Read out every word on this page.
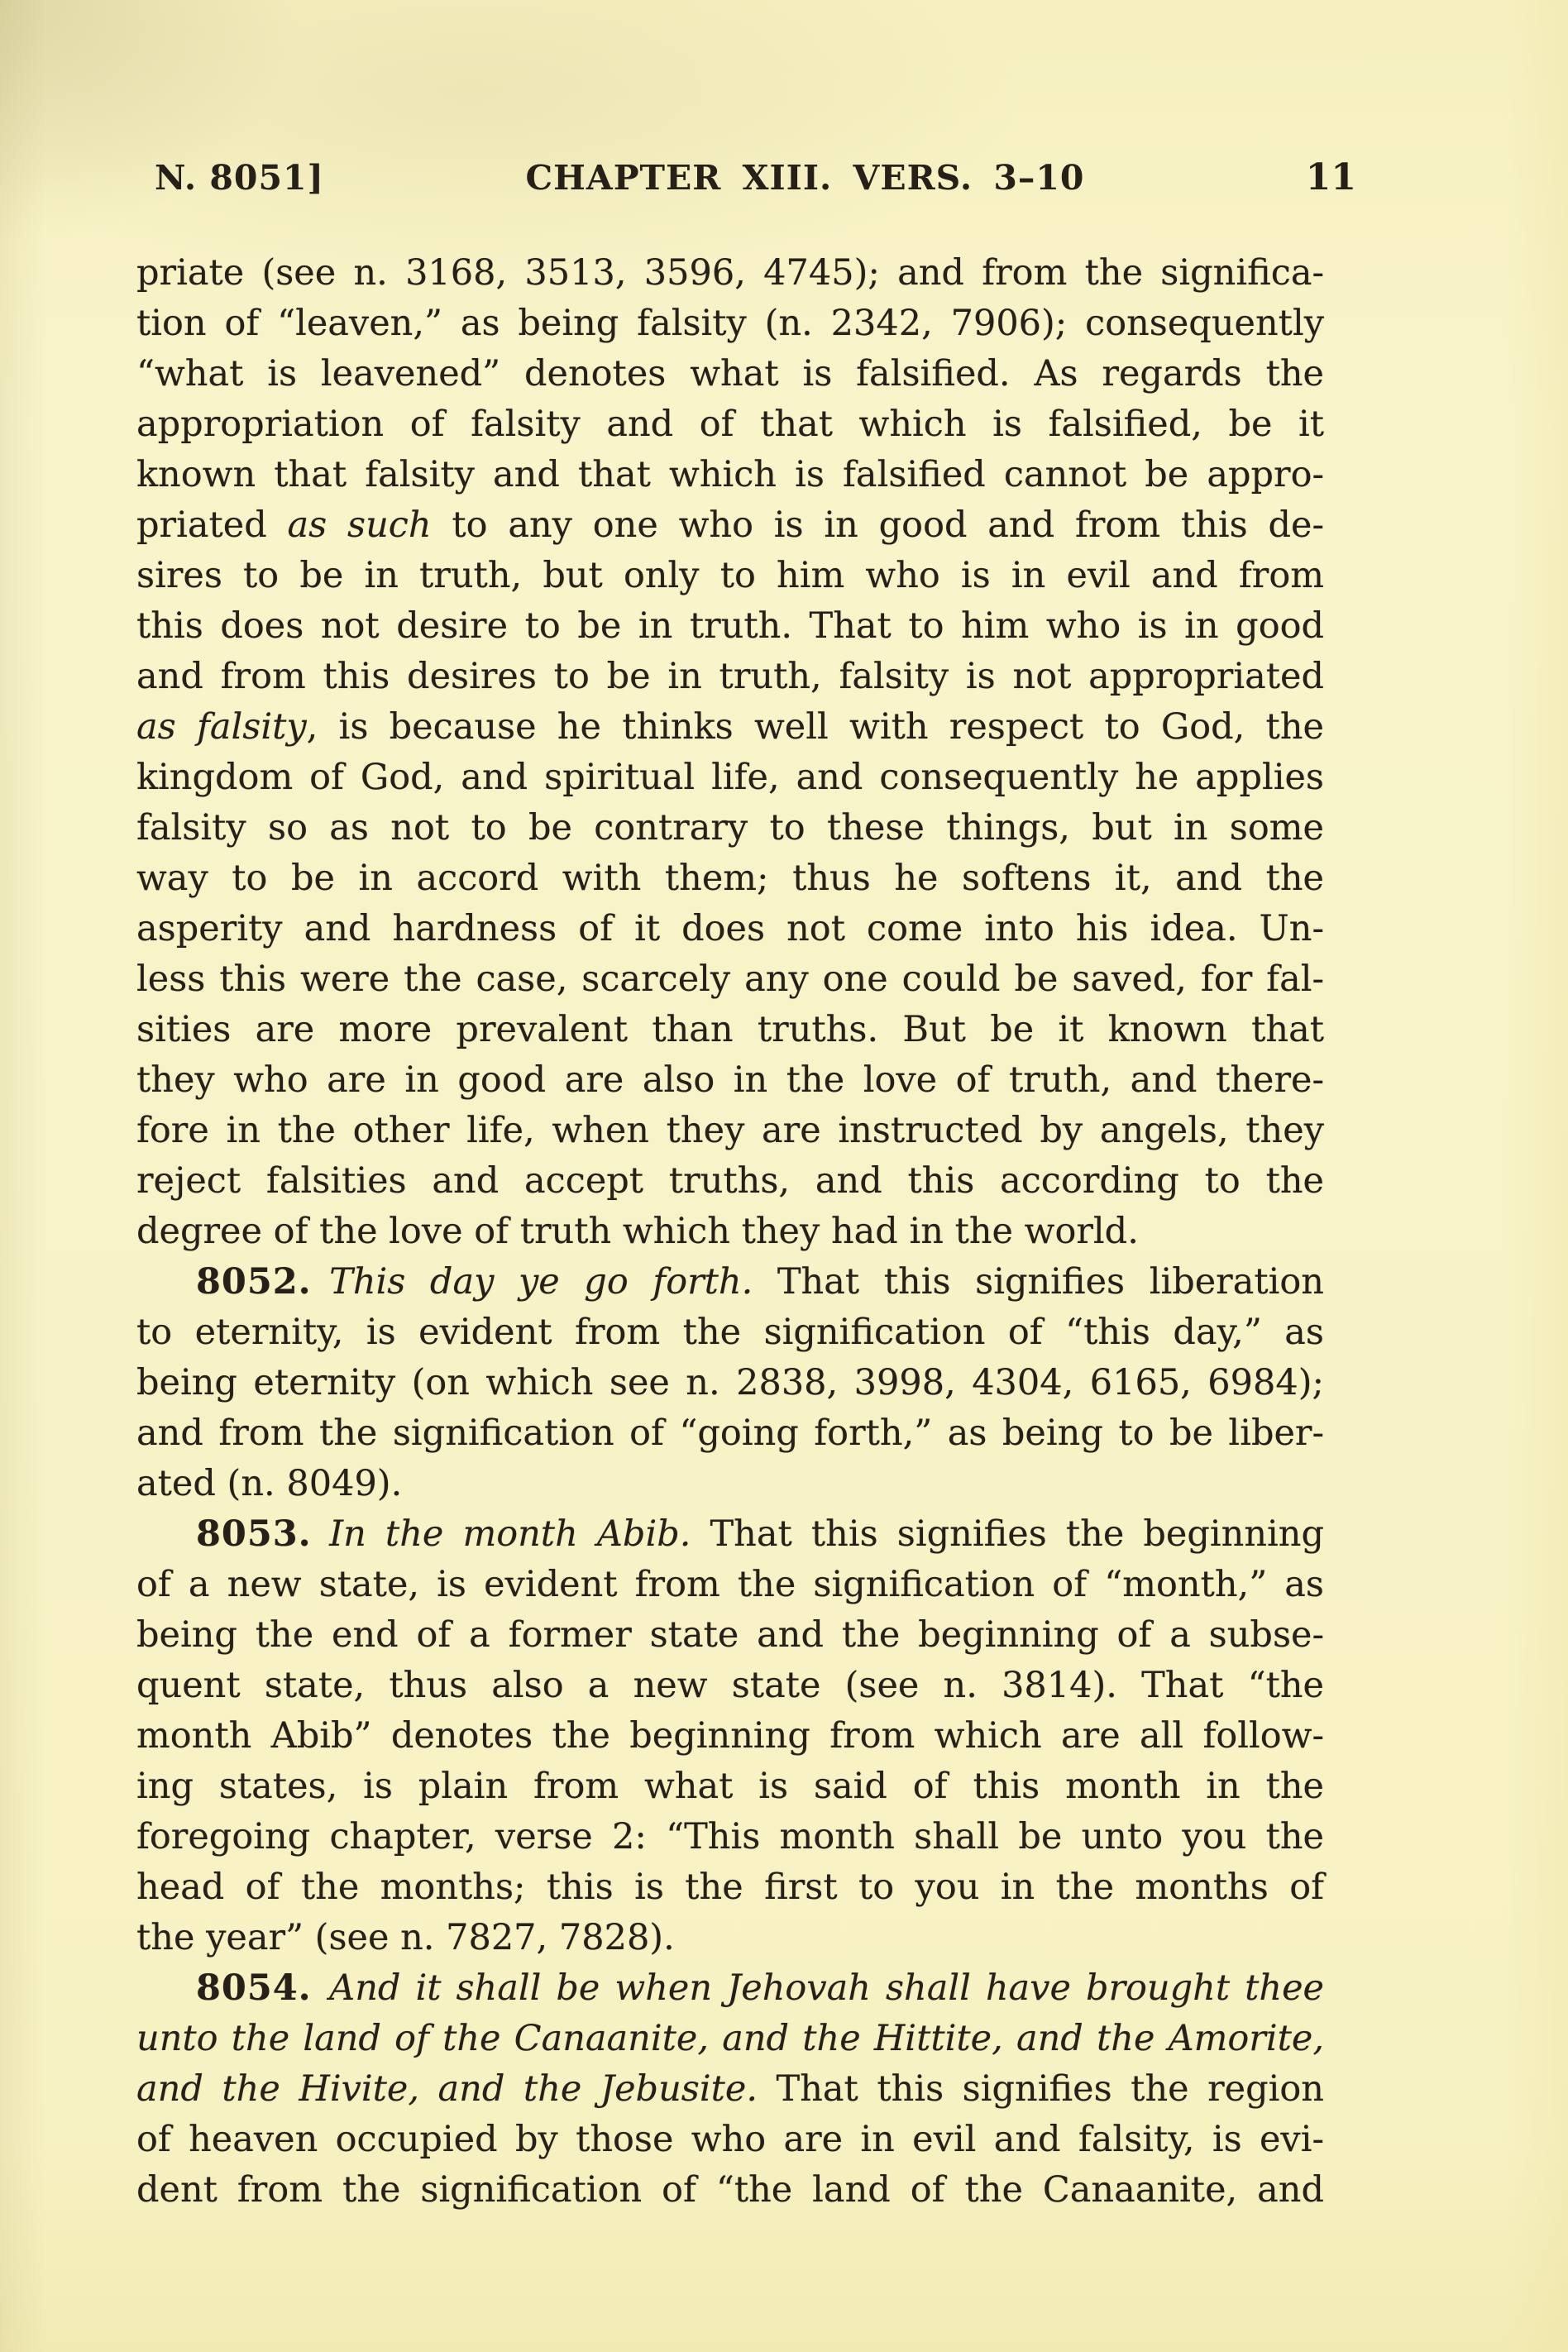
N. 8051]	CHAPTER XIII. VERS. 3–10	11
priate (see n. 3168, 3513, 3596, 4745); and from the significa-
tion of “leaven,” as being falsity (n. 2342, 7906); consequently
“what is leavened” denotes what is falsified. As regards the
appropriation of falsity and of that which is falsified, be it
known that falsity and that which is falsified cannot be appro-
priated as such to any one who is in good and from this de-
sires to be in truth, but only to him who is in evil and from
this does not desire to be in truth. That to him who is in good
and from this desires to be in truth, falsity is not appropriated
as falsity, is because he thinks well with respect to God, the
kingdom of God, and spiritual life, and consequently he applies
falsity so as not to be contrary to these things, but in some
way to be in accord with them; thus he softens it, and the
asperity and hardness of it does not come into his idea. Un-
less this were the case, scarcely any one could be saved, for fal-
sities are more prevalent than truths. But be it known that
they who are in good are also in the love of truth, and there-
fore in the other life, when they are instructed by angels, they
reject falsities and accept truths, and this according to the
degree of the love of truth which they had in the world.
8052.  This day ye go forth. That this signifies liberation
to eternity, is evident from the signification of “this day,” as
being eternity (on which see n. 2838, 3998, 4304, 6165, 6984);
and from the signification of “going forth,” as being to be liber-
ated (n. 8049).
8053.  In the month Abib. That this signifies the beginning
of a new state, is evident from the signification of “month,” as
being the end of a former state and the beginning of a subse-
quent state, thus also a new state (see n. 3814). That “the
month Abib” denotes the beginning from which are all follow-
ing states, is plain from what is said of this month in the
foregoing chapter, verse 2: “This month shall be unto you the
head of the months; this is the first to you in the months of
the year” (see n. 7827, 7828).
8054.  And it shall be when Jehovah shall have brought thee
unto the land of the Canaanite, and the Hittite, and the Amorite,
and the Hivite, and the Jebusite. That this signifies the region
of heaven occupied by those who are in evil and falsity, is evi-
dent from the signification of “the land of the Canaanite, and
